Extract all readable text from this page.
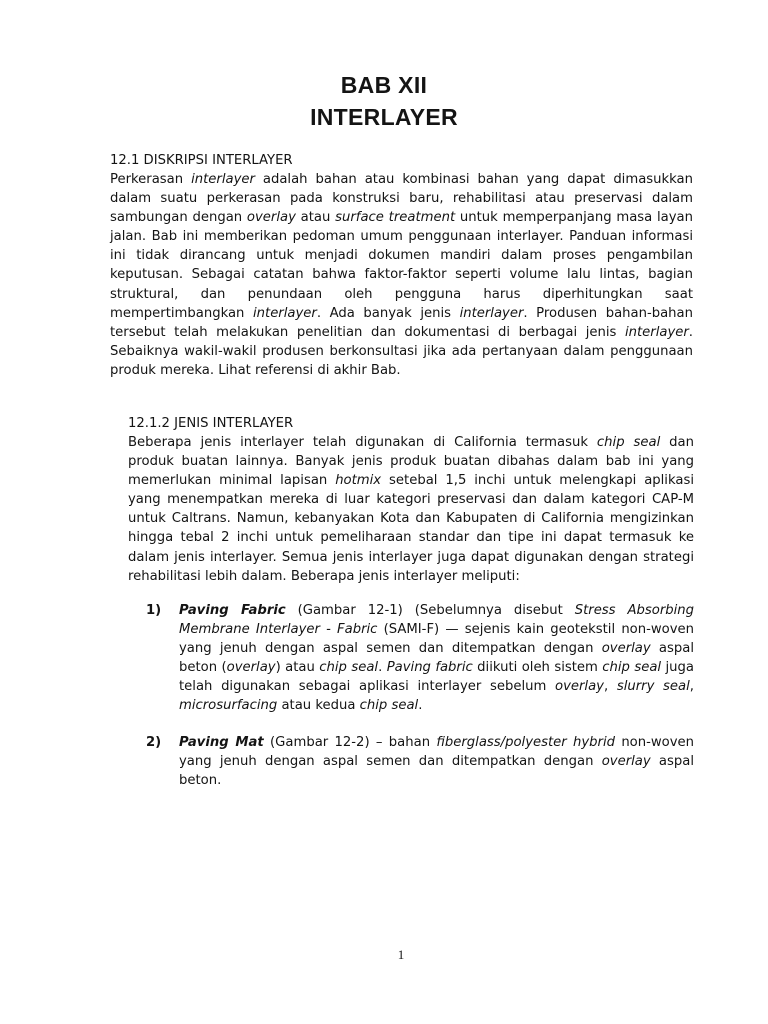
BAB XII
INTERLAYER
12.1 DISKRIPSI INTERLAYER

Perkerasan interlayer adalah bahan atau kombinasi bahan yang dapat dimasukkan dalam suatu perkerasan pada konstruksi baru, rehabilitasi atau preservasi dalam sambungan dengan overlay atau surface treatment untuk memperpanjang masa layan jalan. Bab ini memberikan pedoman umum penggunaan interlayer. Panduan informasi ini tidak dirancang untuk menjadi dokumen mandiri dalam proses pengambilan keputusan. Sebagai catatan bahwa faktor-faktor seperti volume lalu lintas, bagian struktural, dan penundaan oleh pengguna harus diperhitungkan saat mempertimbangkan interlayer. Ada banyak jenis interlayer. Produsen bahan-bahan tersebut telah melakukan penelitian dan dokumentasi di berbagai jenis interlayer. Sebaiknya wakil-wakil produsen berkonsultasi jika ada pertanyaan dalam penggunaan produk mereka. Lihat referensi di akhir Bab.

12.1.2 JENIS INTERLAYER

Beberapa jenis interlayer telah digunakan di California termasuk chip seal dan produk buatan lainnya. Banyak jenis produk buatan dibahas dalam bab ini yang memerlukan minimal lapisan hotmix setebal 1,5 inchi untuk melengkapi aplikasi yang menempatkan mereka di luar kategori preservasi dan dalam kategori CAP-M untuk Caltrans. Namun, kebanyakan Kota dan Kabupaten di California mengizinkan hingga tebal 2 inchi untuk pemeliharaan standar dan tipe ini dapat termasuk ke dalam jenis interlayer. Semua jenis interlayer juga dapat digunakan dengan strategi rehabilitasi lebih dalam. Beberapa jenis interlayer meliputi:

1) Paving Fabric (Gambar 12-1) (Sebelumnya disebut Stress Absorbing Membrane Interlayer - Fabric (SAMI-F) — sejenis kain geotekstil non-woven yang jenuh dengan aspal semen dan ditempatkan dengan overlay aspal beton (overlay) atau chip seal. Paving fabric diikuti oleh sistem chip seal juga telah digunakan sebagai aplikasi interlayer sebelum overlay, slurry seal, microsurfacing atau kedua chip seal.
2) Paving Mat (Gambar 12-2) – bahan fiberglass/polyester hybrid non-woven yang jenuh dengan aspal semen dan ditempatkan dengan overlay aspal beton.
1
